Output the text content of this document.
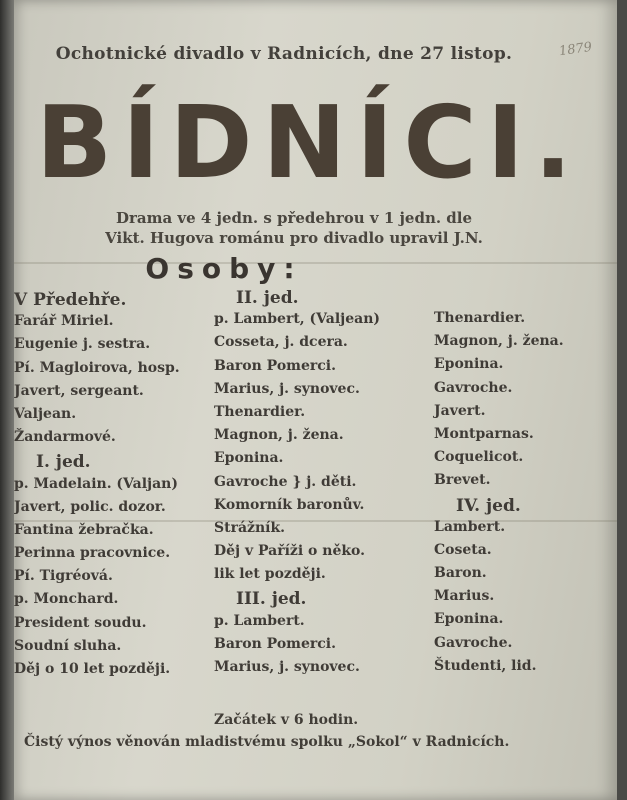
1879
Ochotnické divadlo v Radnicích, dne 27 listop.
BÍDNÍCI.
Drama ve 4 jedn. s předehrou v 1 jedn. dle
Vikt. Hugova románu pro divadlo upravil J.N.
Osoby:
V Předehře.
Farář Miriel.
Eugenie j. sestra.
Pí. Magloirova, hosp.
Javert, sergeant.
Valjean.
Žandarmové.
I. jed.
p. Madelain. (Valjan)
Javert, polic. dozor.
Fantina žebračka.
Perinna pracovnice.
Pí. Tigréová.
p. Monchard.
President soudu.
Soudní sluha.
Děj o 10 let později.
II. jed.
p. Lambert, (Valjean)
Cosseta, j. dcera.
Baron Pomerci.
Marius, j. synovec.
Thenardier.
Magnon, j. žena.
Eponina.
Gavroche } j. děti.
Komorník baronův.
Strážník.
Děj v Paříži o něko.
lik let později.
III. jed.
p. Lambert.
Baron Pomerci.
Marius, j. synovec.
Thenardier.
Magnon, j. žena.
Eponina.
Gavroche.
Javert.
Montparnas.
Coquelicot.
Brevet.
IV. jed.
Lambert.
Coseta.
Baron.
Marius.
Eponina.
Gavroche.
Študenti, lid.
Začátek v 6 hodin.
Čistý výnos věnován mladistvému spolku „Sokol“ v Radnicích.
